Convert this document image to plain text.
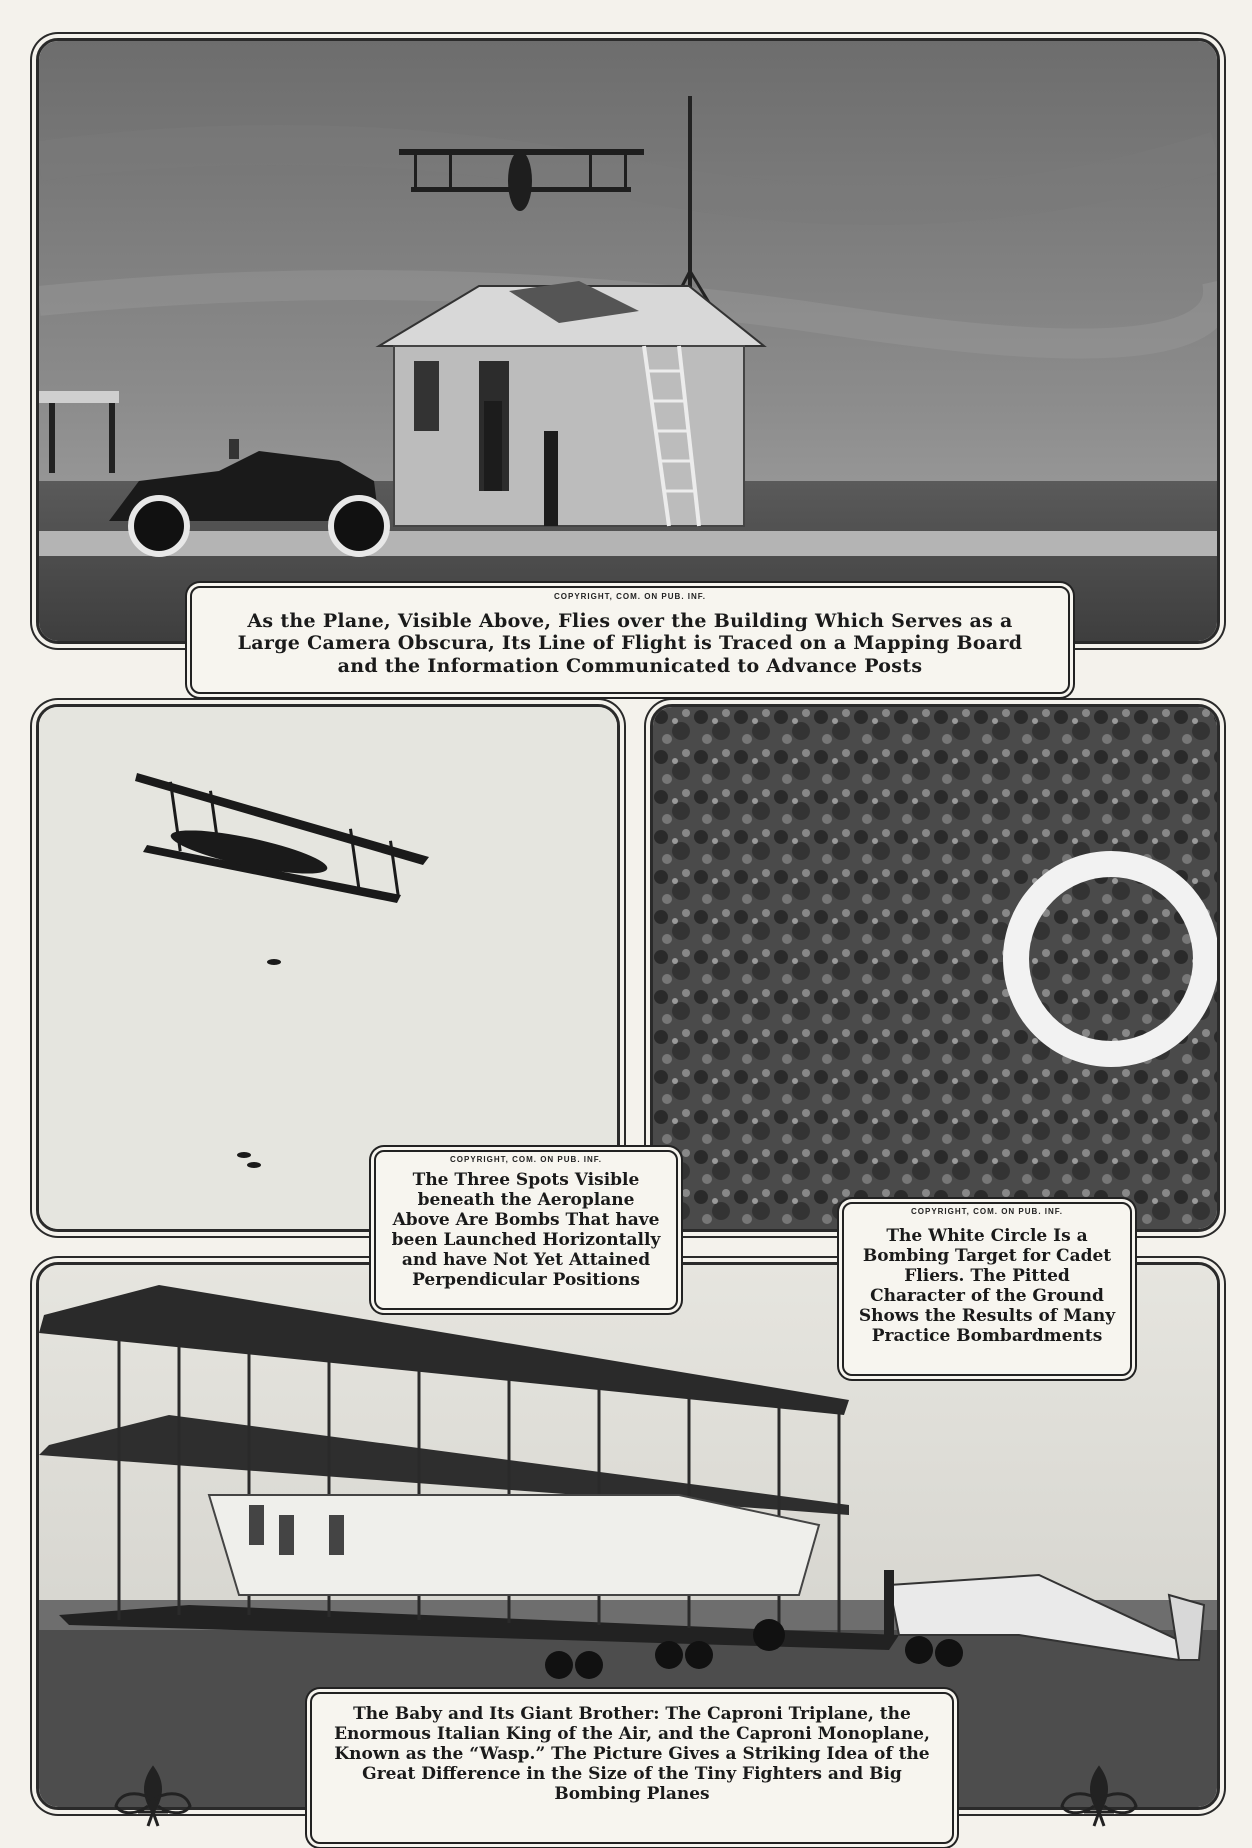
COPYRIGHT, COM. ON PUB. INF.
As the Plane, Visible Above, Flies over the Building Which Serves as a Large Camera Obscura, Its Line of Flight is Traced on a Mapping Board and the Information Communicated to Advance Posts
COPYRIGHT, COM. ON PUB. INF.
The Three Spots Visible beneath the Aeroplane Above Are Bombs That have been Launched Horizontally and have Not Yet Attained Perpendicular Positions
COPYRIGHT, COM. ON PUB. INF.
The White Circle Is a Bombing Target for Cadet Fliers. The Pitted Character of the Ground Shows the Results of Many Practice Bombardments
The Baby and Its Giant Brother: The Caproni Triplane, the Enormous Italian King of the Air, and the Caproni Monoplane, Known as the “Wasp.” The Picture Gives a Striking Idea of the Great Difference in the Size of the Tiny Fighters and Big Bombing Planes
